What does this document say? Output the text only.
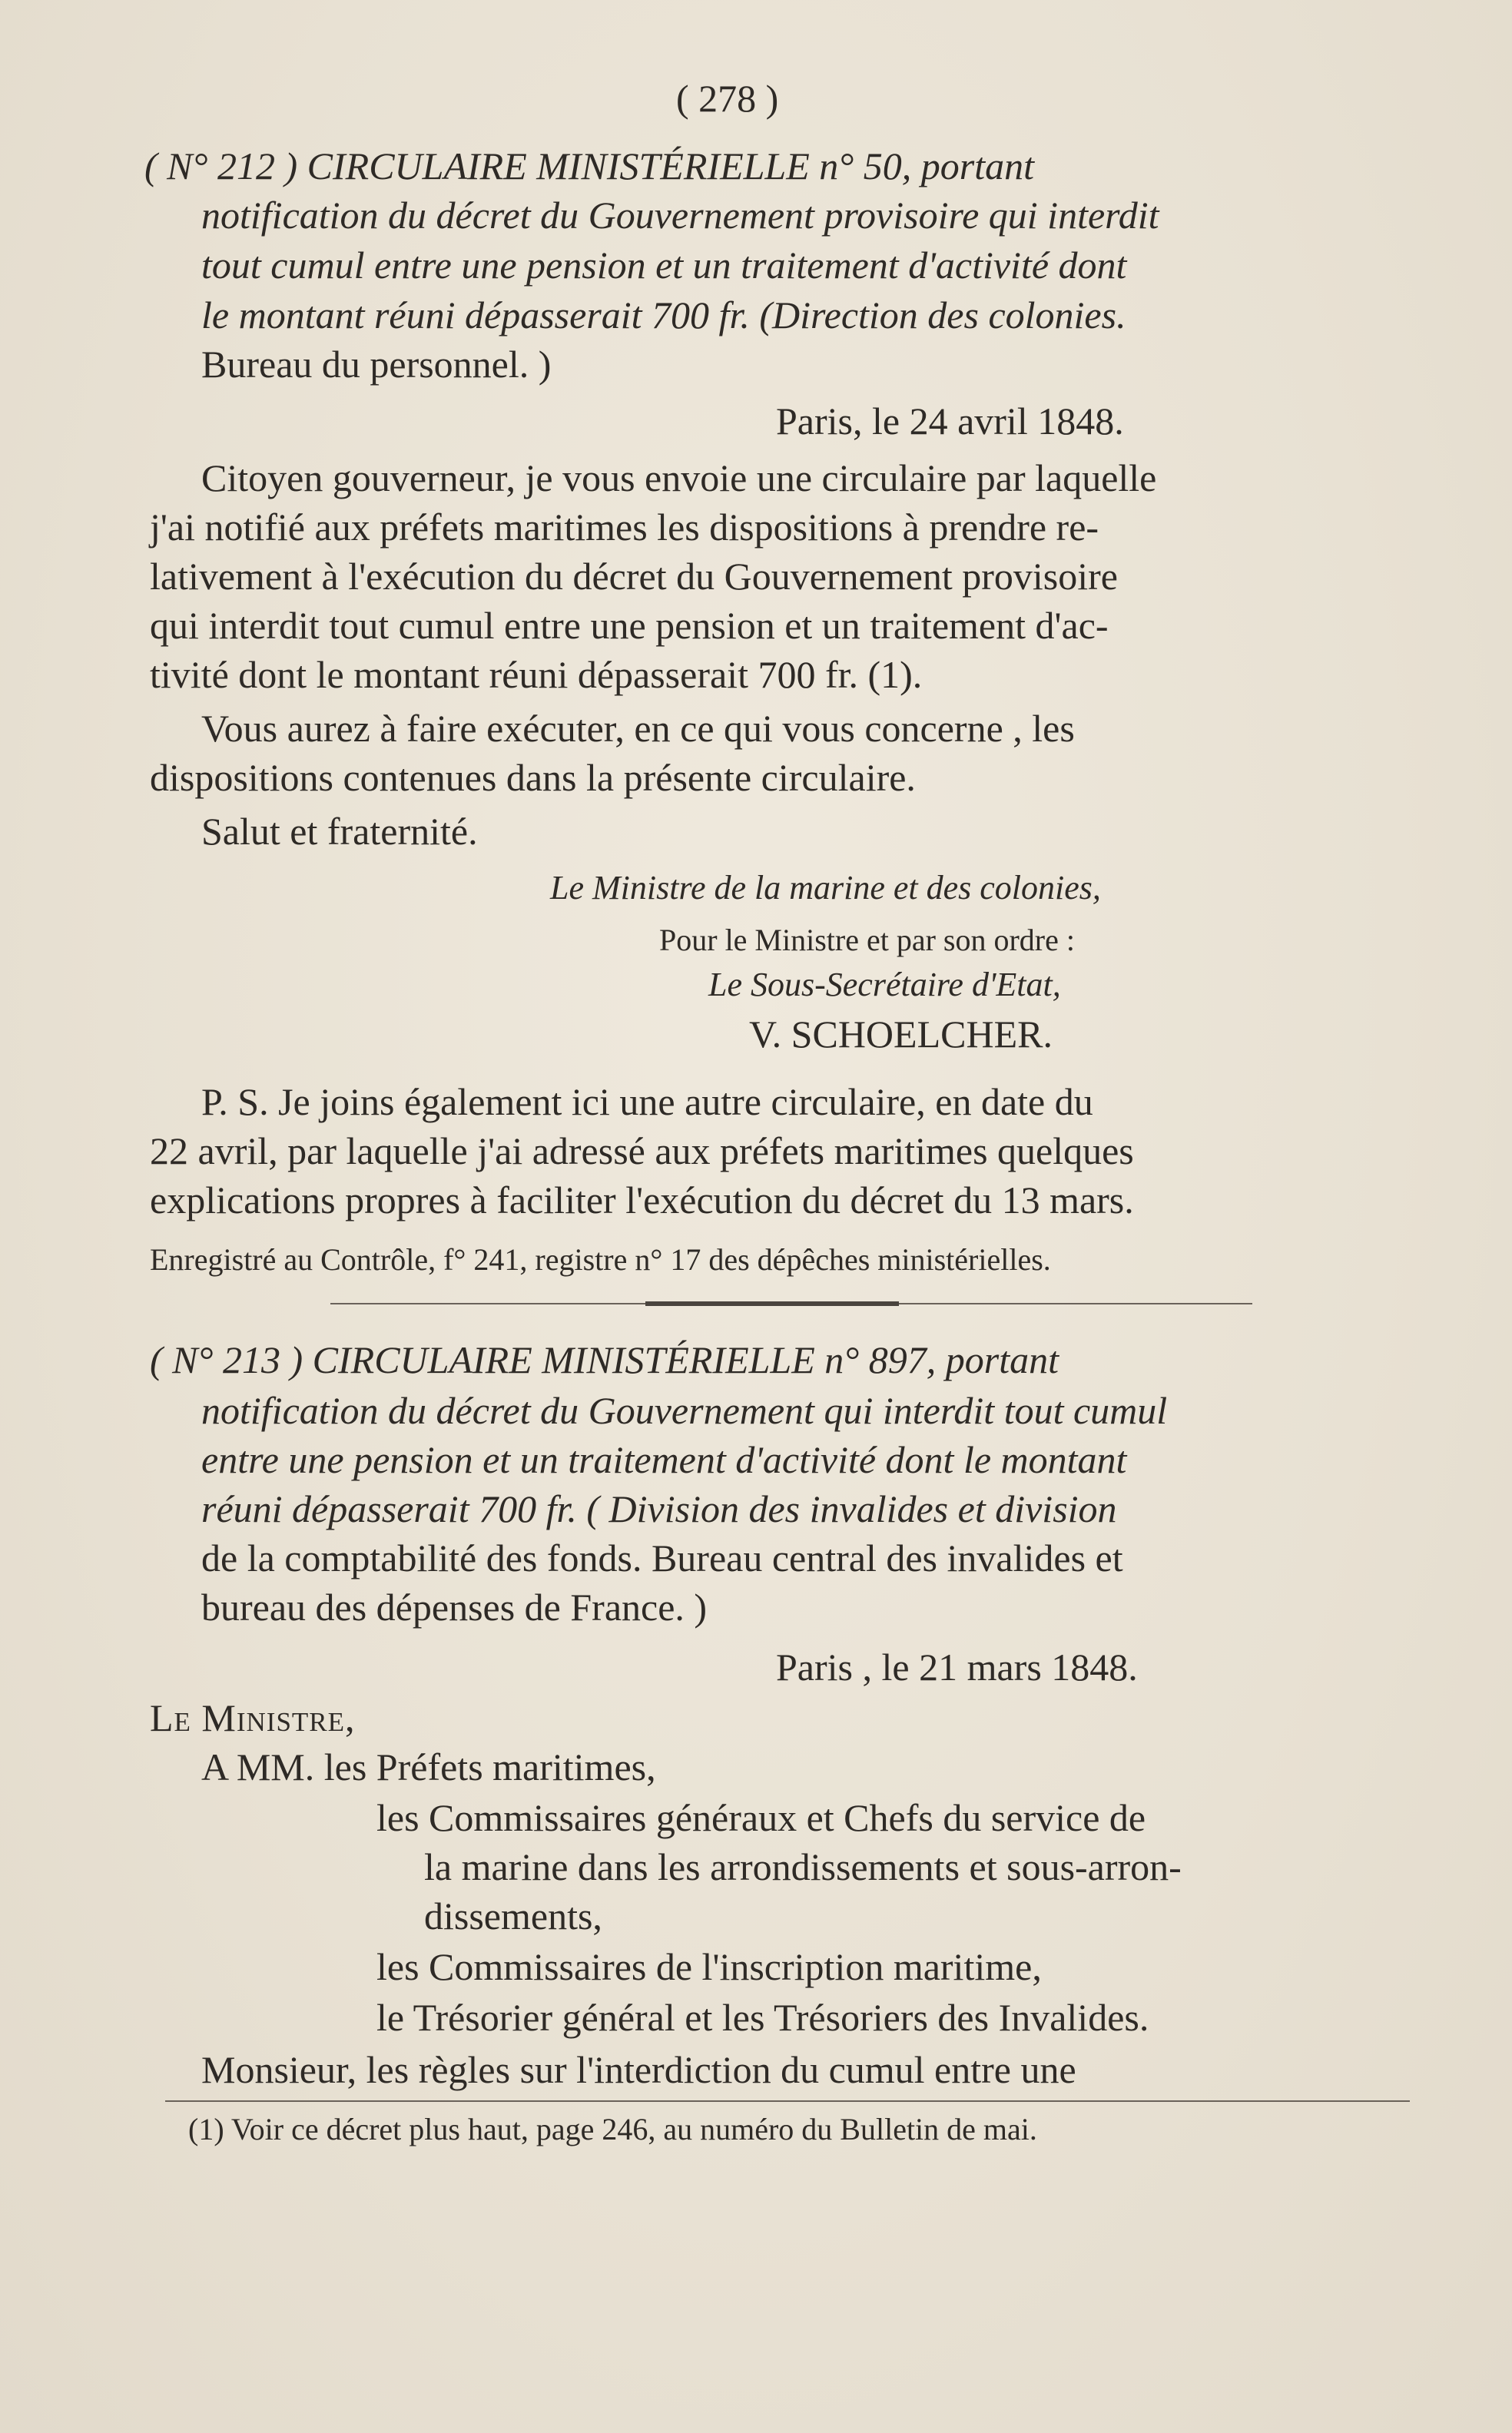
( 278 )
( N° 212 ) CIRCULAIRE MINISTÉRIELLE n° 50, portant
notification du décret du Gouvernement provisoire qui interdit
tout cumul entre une pension et un traitement d'activité dont
le montant réuni dépasserait 700 fr. (Direction des colonies.
Bureau du personnel. )
Paris, le 24 avril 1848.
Citoyen gouverneur, je vous envoie une circulaire par laquelle
j'ai notifié aux préfets maritimes les dispositions à prendre re-
lativement à l'exécution du décret du Gouvernement provisoire
qui interdit tout cumul entre une pension et un traitement d'ac-
tivité dont le montant réuni dépasserait 700 fr. (1).
Vous aurez à faire exécuter, en ce qui vous concerne , les
dispositions contenues dans la présente circulaire.
Salut et fraternité.
Le Ministre de la marine et des colonies,
Pour le Ministre et par son ordre :
Le Sous-Secrétaire d'Etat,
V. SCHOELCHER.
P. S. Je joins également ici une autre circulaire, en date du
22 avril, par laquelle j'ai adressé aux préfets maritimes quelques
explications propres à faciliter l'exécution du décret du 13 mars.
Enregistré au Contrôle, f° 241, registre n° 17 des dépêches ministérielles.
( N° 213 ) CIRCULAIRE MINISTÉRIELLE n° 897, portant
notification du décret du Gouvernement qui interdit tout cumul
entre une pension et un traitement d'activité dont le montant
réuni dépasserait 700 fr. ( Division des invalides et division
de la comptabilité des fonds. Bureau central des invalides et
bureau des dépenses de France. )
Paris , le 21 mars 1848.
Le Ministre,
A MM. les Préfets maritimes,
les Commissaires généraux et Chefs du service de
la marine dans les arrondissements et sous-arron-
dissements,
les Commissaires de l'inscription maritime,
le Trésorier général et les Trésoriers des Invalides.
Monsieur, les règles sur l'interdiction du cumul entre une
(1) Voir ce décret plus haut, page 246, au numéro du Bulletin de mai.
